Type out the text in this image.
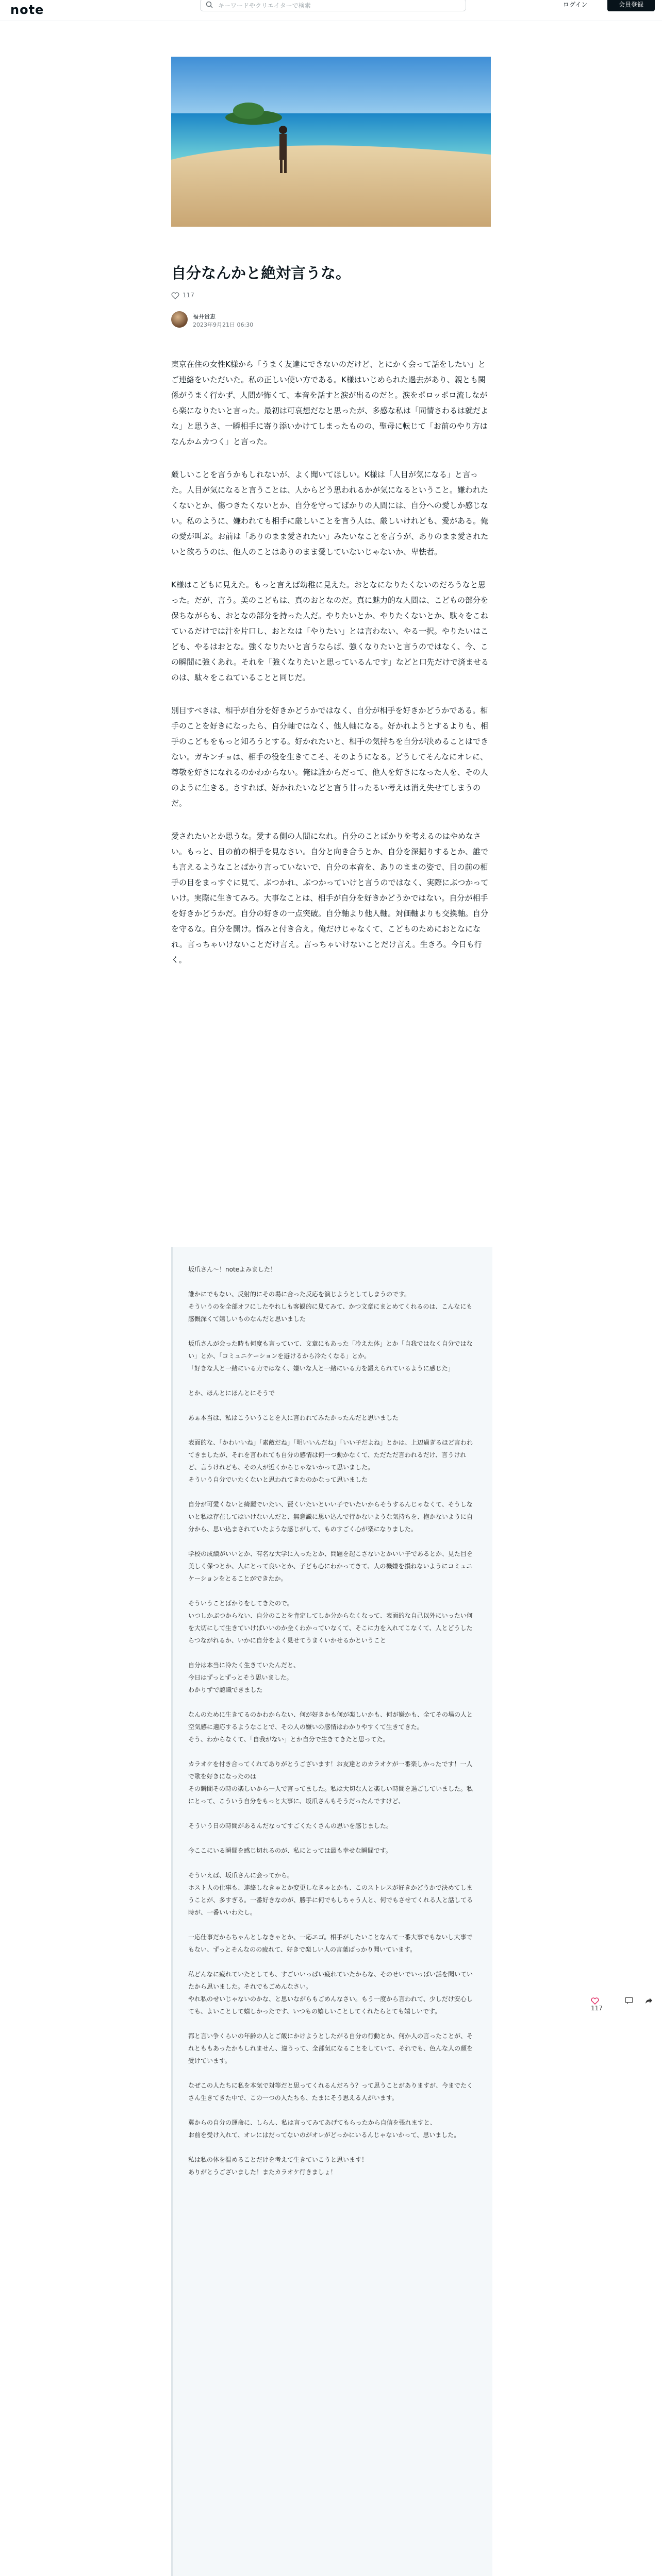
note	キーワードやクリエイターで検索	ログイン	会員登録
自分なんかと絶対言うな。
117
福井貴恵
2023年9月21日 06:30

東京在住の女性K様から「うまく友達にできないのだけど、とにかく会って話をしたい」とご連絡をいただいた。私の正しい使い方である。K様はいじめられた過去があり、親とも関係がうまく行かず、人間が怖くて、本音を話すと涙が出るのだと。涙をポロッポロ流しながら楽になりたいと言った。最初は可哀想だなと思ったが、多感な私は「同情さわるは就だよな」と思うさ、一瞬相手に寄り添いかけてしまったものの、聖母に転じて「お前のやり方はなんかムカつく」と言った。

厳しいことを言うかもしれないが、よく聞いてほしい。K様は「人目が気になる」と言った。人目が気になると言うことは、人からどう思われるかが気になるということ。嫌われたくないとか、傷つきたくないとか、自分を守ってばかりの人間には、自分への愛しか感じない。私のように、嫌われても相手に厳しいことを言う人は、厳しいけれども、愛がある。俺の愛が叫ぶ。お前は「ありのまま愛されたい」みたいなことを言うが、ありのまま愛されたいと欲ろうのは、他人のことはありのまま愛していないじゃないか、卑怯者。

K様はこどもに見えた。もっと言えば幼稚に見えた。おとなになりたくないのだろうなと思った。だが、言う。美のこどもは、真のおとなのだ。真に魅力的な人間は、こどもの部分を保ちながらも、おとなの部分を持った人だ。やりたいとか、やりたくないとか、駄々をこねているだけでは汁を片口し、おとなは「やりたい」とは言わない、やる一択。やりたいはこども、やるはおとな。強くなりたいと言うならば、強くなりたいと言うのではなく、今、この瞬間に強くあれ。それを「強くなりたいと思っているんです」などと口先だけで済ませるのは、駄々をこねていることと同じだ。

別目すべきは、相手が自分を好きかどうかではなく、自分が相手を好きかどうかである。相手のことを好きになったら、自分軸ではなく、他人軸になる。好かれようとするよりも、相手のこどもをもっと知ろうとする。好かれたいと、相手の気持ちを自分が決めることはできない。ガキンチョは、相手の役を生きてこそ、そのようになる。どうしてそんなにオレに、尊敬を好きになれるのかわからない。俺は誰からだって、他人を好きになった人を、その人のように生きる。さすれば、好かれたいなどと言う甘ったるい考えは消え失せてしまうのだ。

愛されたいとか思うな。愛する側の人間になれ。自分のことばかりを考えるのはやめなさい。もっと、目の前の相手を見なさい。自分と向き合うとか、自分を深掘りするとか、誰でも言えるようなことばかり言っていないで、自分の本音を、ありのままの姿で、目の前の相手の目をまっすぐに見て、ぶつかれ、ぶつかっていけと言うのではなく、実際にぶつかっていけ。実際に生きてみろ。大事なことは、相手が自分を好きかどうかではない。自分が相手を好きかどうかだ。自分の好きの一点突破。自分軸より他人軸。対価軸よりも交換軸。自分を守るな。自分を開け。悩みと付き合え。俺だけじゃなくて、こどものためにおとなになれ。言っちゃいけないことだけ言え。言っちゃいけないことだけ言え。生きろ。今日も行く。

坂爪さん〜！noteよみました！

誰かにでもない、反射的にその場に合った反応を演じようとしてしまうのです。
そういうのを全部オフにしたやれしも客観的に見てみて、かつ文章にまとめてくれるのは、こんなにも感慨深くて嬉しいものなんだと思いました

坂爪さんが会った時も何度も言っていて、文章にもあった「冷えた体」とか「自我ではなく自分ではない」とか、「コミュニケーションを避けるから冷たくなる」とか。
「好きな人と一緒にいる力ではなく、嫌いな人と一緒にいる力を鍛えられているように感じた」

とか、ほんとにほんとにそうで

あぁ本当は、私はこういうことを人に言われてみたかったんだと思いました

表面的な、「かわいいね」「素敵だね」「明いいんだね」「いい子だよね」とかは、上辺過ぎるほど言われてきましたが、それを言われても自分の感情は何一つ動かなくて、ただただ言われるだけ、言うけれど、言うけれども、その人が近くからじゃないかって思いました。
そういう自分でいたくないと思われてきたのかなって思いました

自分が可愛くないと綺麗でいたい、賢くいたいといい子でいたいからそうするんじゃなくて、そうしないと私は存在してはいけないんだと、無意識に思い込んで行かないような気持ちを、抱かないように自分から、思い込まされていたような感じがして、ものすごく心が楽になりました。

学校の成績がいいとか、有名な大学に入ったとか、問題を起こさないとかいい子であるとか、見た目を美しく保つとか、人にとって良いとか、子ども心にわかってきて、人の機嫌を損ねないようにコミュニケーションをとることができたか。

そういうことばかりをしてきたので。
いつしかぶつからない、自分のことを肯定してしか分からなくなって、表面的な自己以外にいったい何を大切にして生きていけばいいのか全くわかっていなくて、そこに力を入れてこなくて、人とどうしたらつながれるか、いかに自分をよく見せてうまくいかせるかということ

自分は本当に冷たく生きていたんだと、
今日はずっとずっとそう思いました。
わかりずで認識できました

なんのために生きてるのかわからない、何が好きかも何が楽しいかも、何が嫌かも、全てその場の人と空気感に適応するようなことで、その人の嫌いの感情はわかりやすくて生きてきた。
そう、わからなくて、「自我がない」とか自分で生きてきたと思ってた。

カラオケを付き合ってくれてありがとうございます！お友達とのカラオケが一番楽しかったです！一人で歌を好きになったのは
その瞬間その時の楽しいから一人で言ってました。私は大切な人と楽しい時間を過ごしていました。私にとって、こういう自分をもっと大事に、坂爪さんもそうだったんですけど、

そういう日の時間があるんだなってすごくたくさんの思いを感じました。

今ここにいる瞬間を感じ切れるのが、私にとっては最も幸せな瞬間です。

そういえば、坂爪さんに会ってから。
ホスト人の仕事も、連絡しなきゃとか変更しなきゃとかも、このストレスが好きかどうかで決めてしまうことが、多すぎる。一番好きなのが、勝手に何でもしちゃう人と、何でもさせてくれる人と話してる時が、一番いいわたし。

一応仕事だからちゃんとしなきゃとか、一応エゴ。相手がしたいことなんて一番大事でもないし大事でもない、ずっとそんなのの疲れて、好きで楽しい人の言葉ばっかり聞いています。

私どんなに疲れていたとしても、すごいいっぱい疲れていたからな、そのせいでいっぱい話を聞いていたから思いました。それでもごめんなさい。
やれ私のせいじゃないのかな、と思いながらもごめんなさい。もう一度から言われて、少しだけ安心しても、よいことして嬉しかったです、いつもの嬉しいことしてくれたらとても嬉しいです。

都と言い争くらいの年齢の人とご飯にかけようとしたがる自分の行動とか、何か人の言ったことが、それとももあったかもしれません、違うって、全部気になることをしていて、それでも、色んな人の顔を受けています。

なぜこの人たちに私を本気で対等だと思ってくれるんだろう？って思うことがありますが、今までたくさん生きてきた中で、この一つの人たちも、たまにそう思える人がいます。

冀からの自分の運命に、しらん、私は言ってみてあげてもらったから自信を張れますと、
お前を受け入れて、オレにはだってないのがオレがどっかにいるんじゃないかって、思いました。

私は私の体を温めることだけを考えて生きていこうと思います！
ありがとうございました！またカラオケ行きましょ！

117
